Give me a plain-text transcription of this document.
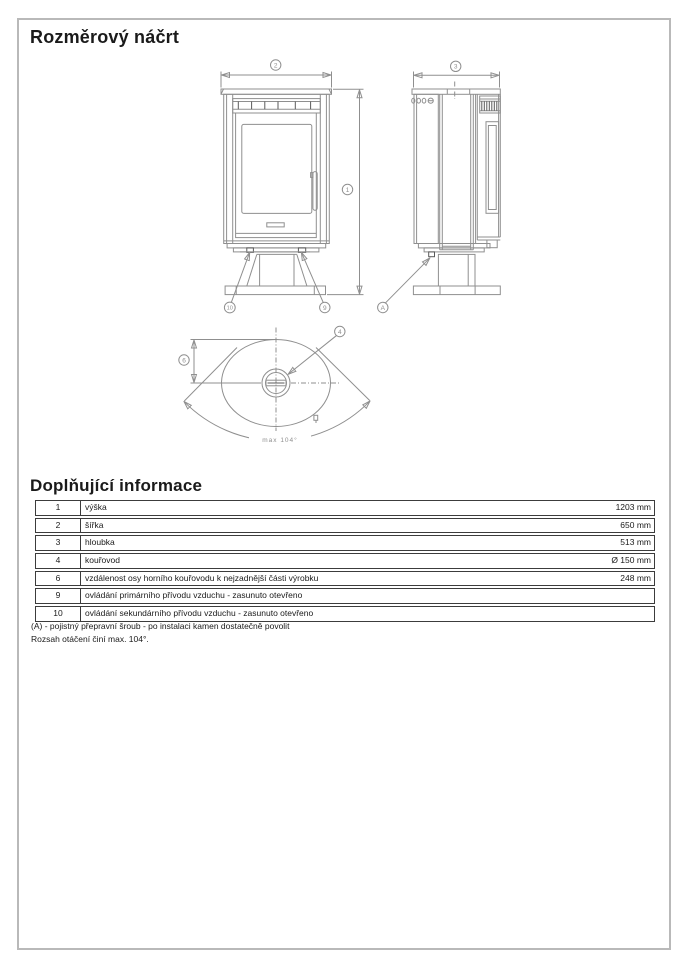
Rozměrový náčrt
max 104°
2	3
1
6
10	9	A
4
Doplňující informace
1	výška	1203 mm
2	šířka	650 mm
3	hloubka	513 mm
4	kouřovod	Ø 150 mm
6	vzdálenost osy horního kouřovodu k nejzadnější části výrobku	248 mm
9	ovládání primárního přívodu vzduchu - zasunuto otevřeno
10	ovládání sekundárního přívodu vzduchu - zasunuto otevřeno
(A) - pojistný přepravní šroub - po instalaci kamen dostatečně povolit
Rozsah otáčení činí max. 104°.
